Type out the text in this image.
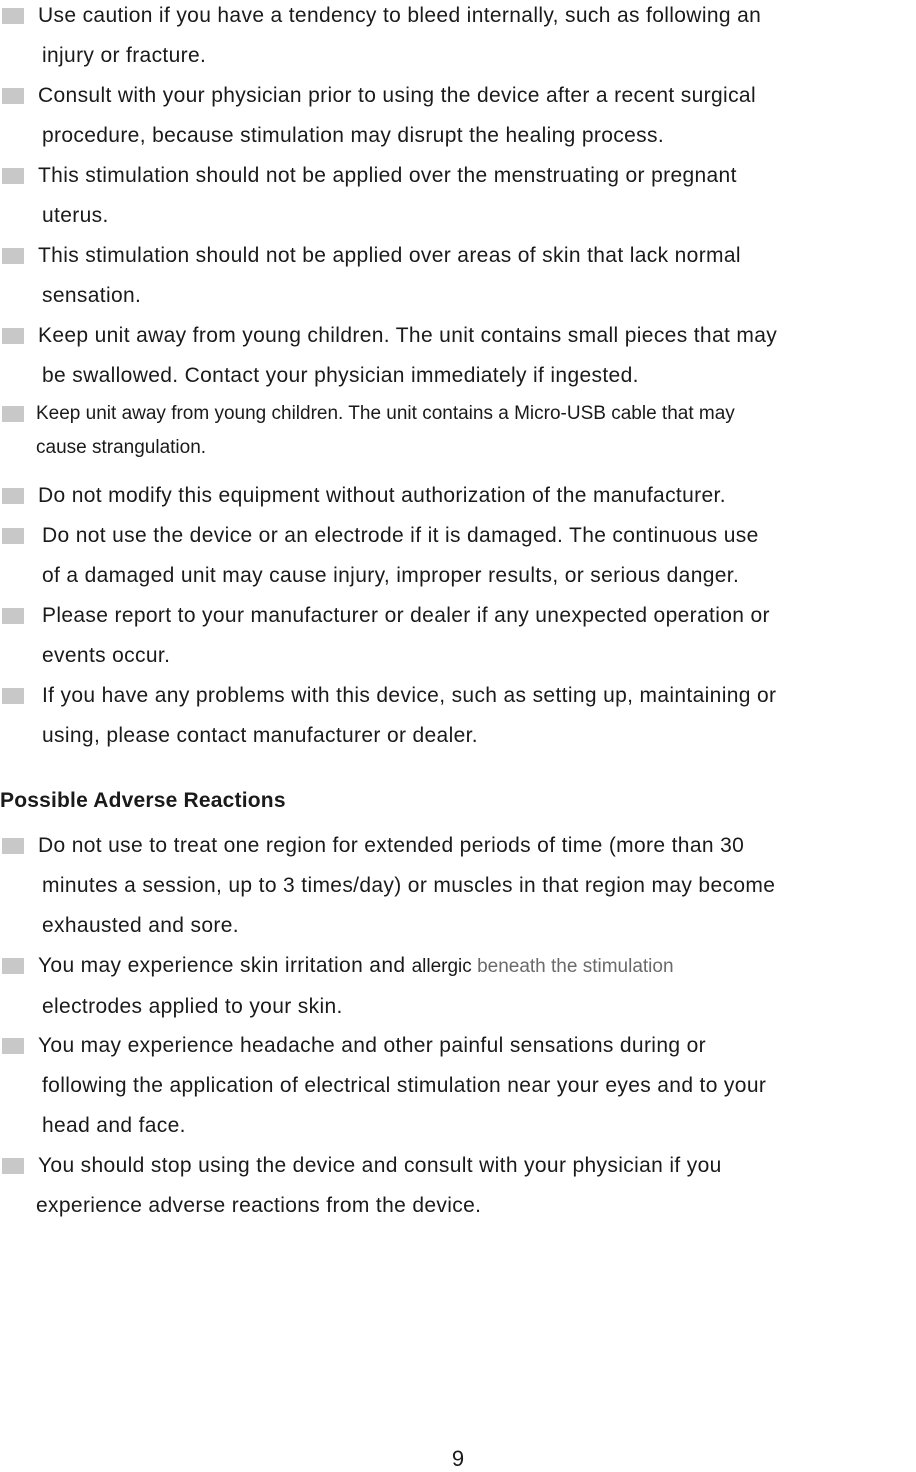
Use caution if you have a tendency to bleed internally, such as following an
injury or fracture.
Consult with your physician prior to using the device after a recent surgical
procedure, because stimulation may disrupt the healing process.
This stimulation should not be applied over the menstruating or pregnant
uterus.
This stimulation should not be applied over areas of skin that lack normal
sensation.
Keep unit away from young children. The unit contains small pieces that may
be swallowed. Contact your physician immediately if ingested.
Keep unit away from young children. The unit contains a Micro-USB cable that may
cause strangulation.
Do not modify this equipment without authorization of the manufacturer.
Do not use the device or an electrode if it is damaged. The continuous use
of a damaged unit may cause injury, improper results, or serious danger.
Please report to your manufacturer or dealer if any unexpected operation or
events occur.
If you have any problems with this device, such as setting up, maintaining or
using, please contact manufacturer or dealer.
Possible Adverse Reactions
Do not use to treat one region for extended periods of time (more than 30
minutes a session, up to 3 times/day) or muscles in that region may become
exhausted and sore.
You may experience skin irritation and allergic beneath the stimulation
electrodes applied to your skin.
You may experience headache and other painful sensations during or
following the application of electrical stimulation near your eyes and to your
head and face.
You should stop using the device and consult with your physician if you
experience adverse reactions from the device.
9
